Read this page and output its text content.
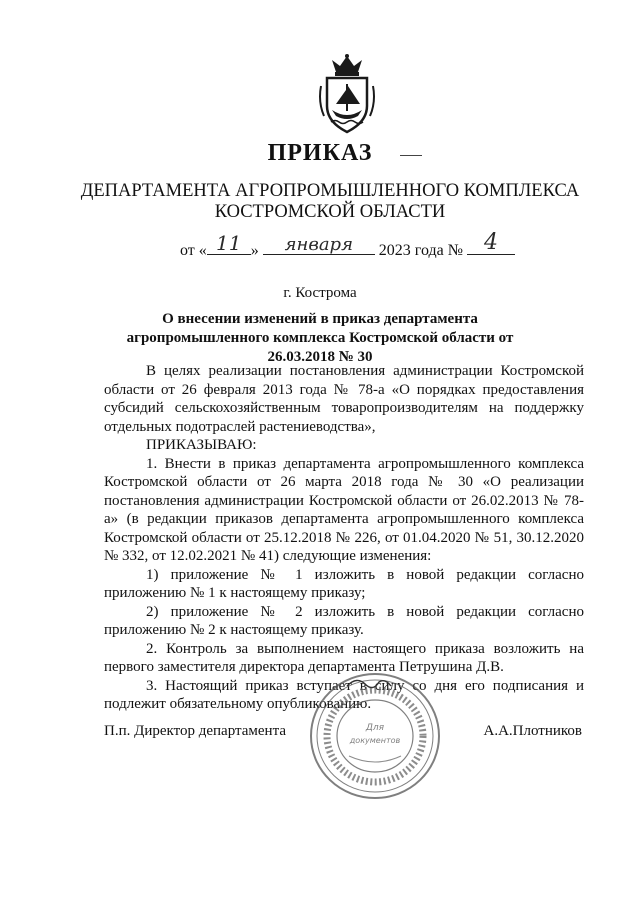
ПРИКАЗ
ДЕПАРТАМЕНТА АГРОПРОМЫШЛЕННОГО КОМПЛЕКСА
КОСТРОМСКОЙ ОБЛАСТИ
от « 11 »	января	2023 года № 4
г. Кострома
О внесении изменений в приказ департамента агропромышленного комплекса Костромской области от 26.03.2018 № 30

В целях реализации постановления администрации Костромской области от 26 февраля 2013 года № 78-а «О порядках предоставления субсидий сельскохозяйственным товаропроизводителям на поддержку отдельных подотраслей растениеводства»,

ПРИКАЗЫВАЮ:

1. Внести в приказ департамента агропромышленного комплекса Костромской области от 26 марта 2018 года № 30 «О реализации постановления администрации Костромской области от 26.02.2013 № 78-а» (в редакции приказов департамента агропромышленного комплекса Костромской области от 25.12.2018 № 226, от 01.04.2020 № 51, 30.12.2020 № 332, от 12.02.2021 № 41) следующие изменения:

1) приложение № 1 изложить в новой редакции согласно приложению № 1 к настоящему приказу;

2) приложение № 2 изложить в новой редакции согласно приложению № 2 к настоящему приказу.

2. Контроль за выполнением настоящего приказа возложить на первого заместителя директора департамента Петрушина Д.В.

3. Настоящий приказ вступает в силу со дня его подписания и подлежит обязательному опубликованию.

П.п. Директор департамента	А.А.Плотников
Для
документов
